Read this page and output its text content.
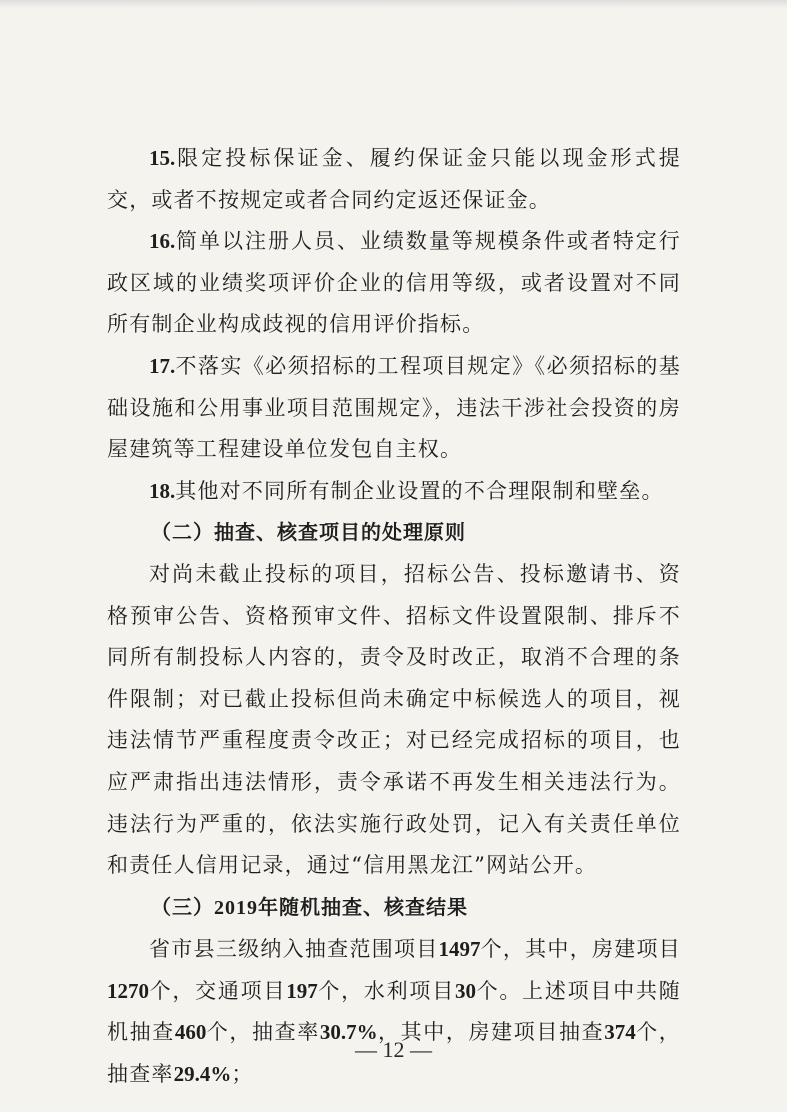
15.限定投标保证金、履约保证金只能以现金形式提交，或者不按规定或者合同约定返还保证金。

16.简单以注册人员、业绩数量等规模条件或者特定行政区域的业绩奖项评价企业的信用等级，或者设置对不同所有制企业构成歧视的信用评价指标。

17.不落实《必须招标的工程项目规定》《必须招标的基础设施和公用事业项目范围规定》，违法干涉社会投资的房屋建筑等工程建设单位发包自主权。

18.其他对不同所有制企业设置的不合理限制和壁垒。

（二）抽查、核查项目的处理原则

对尚未截止投标的项目，招标公告、投标邀请书、资格预审公告、资格预审文件、招标文件设置限制、排斥不同所有制投标人内容的，责令及时改正，取消不合理的条件限制；对已截止投标但尚未确定中标候选人的项目，视违法情节严重程度责令改正；对已经完成招标的项目，也应严肃指出违法情形，责令承诺不再发生相关违法行为。违法行为严重的，依法实施行政处罚，记入有关责任单位和责任人信用记录，通过“信用黑龙江”网站公开。

（三）2019年随机抽查、核查结果

省市县三级纳入抽查范围项目1497个，其中，房建项目1270个，交通项目197个，水利项目30个。上述项目中共随机抽查460个，抽查率30.7%，其中，房建项目抽查374个，抽查率29.4%；

— 12 —
